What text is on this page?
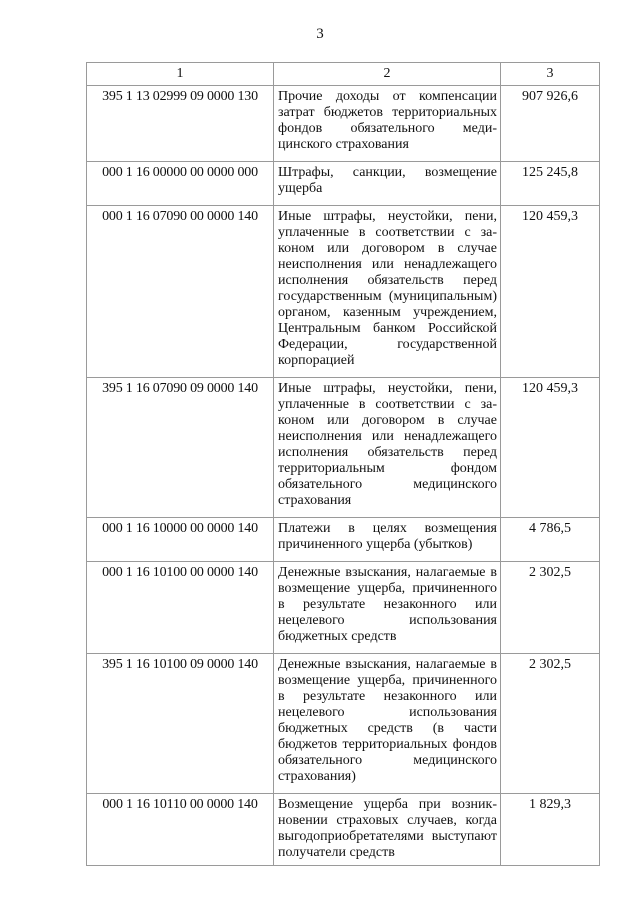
3
1	2	3
395 1 13 02999 09 0000 130	Прочие доходы от компенсации затрат бюджетов территориальных фондов обязательного медицинского страхования	907 926,6
000 1 16 00000 00 0000 000	Штрафы, санкции, возмещение ущерба	125 245,8
000 1 16 07090 00 0000 140	Иные штрафы, неустойки, пени, уплаченные в соответствии с законом или договором в случае неисполнения или ненадлежащего исполнения обязательств перед государственным (муниципальным) органом, казенным учреждением, Центральным банком Российской Федерации, государственной корпорацией	120 459,3
395 1 16 07090 09 0000 140	Иные штрафы, неустойки, пени, уплаченные в соответствии с законом или договором в случае неисполнения или ненадлежащего исполнения обязательств перед территориальным фондом обязательного медицинского страхования	120 459,3
000 1 16 10000 00 0000 140	Платежи в целях возмещения причиненного ущерба (убытков)	4 786,5
000 1 16 10100 00 0000 140	Денежные взыскания, налагаемые в возмещение ущерба, причиненного в результате незаконного или нецелевого использования бюджетных средств	2 302,5
395 1 16 10100 09 0000 140	Денежные взыскания, налагаемые в возмещение ущерба, причиненного в результате незаконного или нецелевого использования бюджетных средств (в части бюджетов территориальных фондов обязательного медицинского страхования)	2 302,5
000 1 16 10110 00 0000 140	Возмещение ущерба при возникновении страховых случаев, когда выгодоприобретателями выступают получатели средств	1 829,3
